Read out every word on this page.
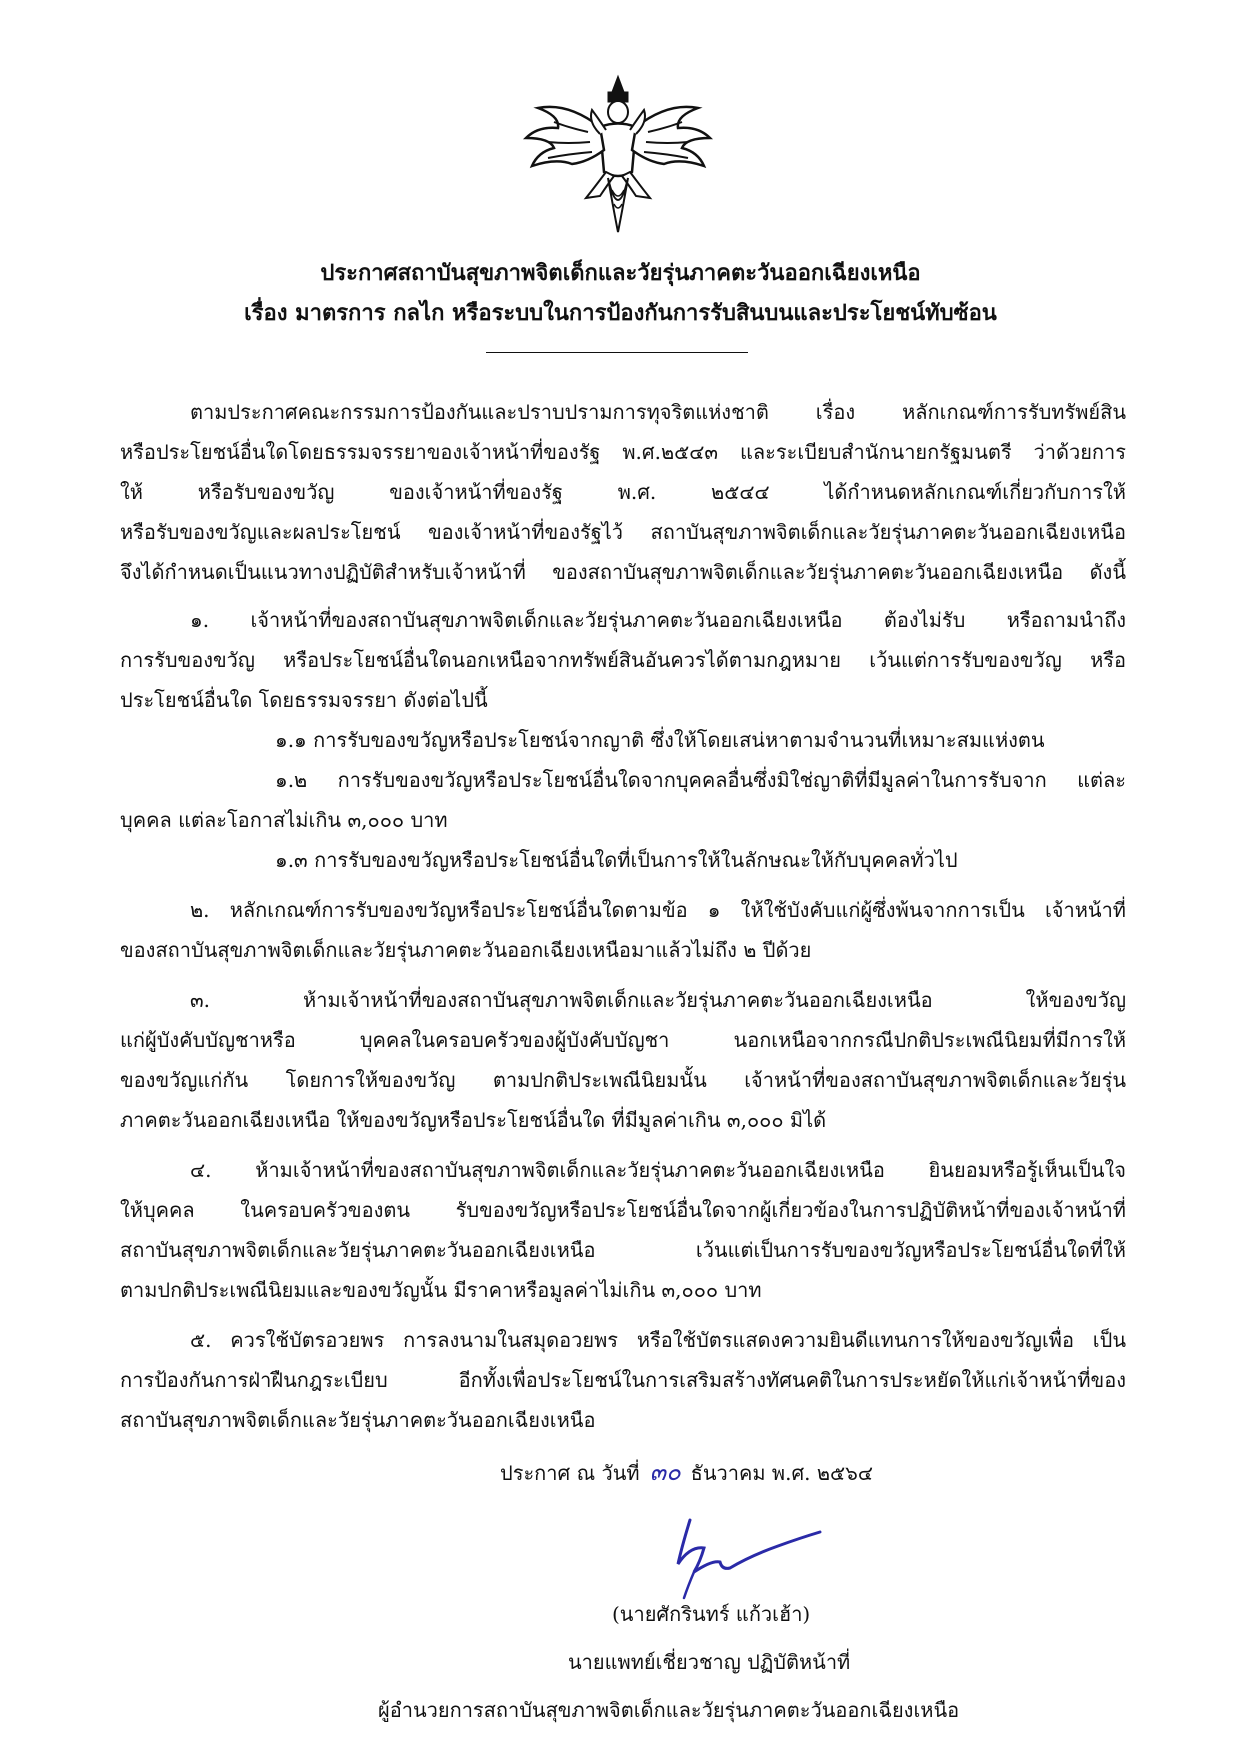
ประกาศสถาบันสุขภาพจิตเด็กและวัยรุ่นภาคตะวันออกเฉียงเหนือ
เรื่อง มาตรการ กลไก หรือระบบในการป้องกันการรับสินบนและประโยชน์ทับซ้อน
ตามประกาศคณะกรรมการป้องกันและปราบปรามการทุจริตแห่งชาติ เรื่อง หลักเกณฑ์การรับทรัพย์สิน
หรือประโยชน์อื่นใดโดยธรรมจรรยาของเจ้าหน้าที่ของรัฐ พ.ศ.๒๕๔๓ และระเบียบสำนักนายกรัฐมนตรี ว่าด้วยการ
ให้ หรือรับของขวัญ ของเจ้าหน้าที่ของรัฐ พ.ศ. ๒๕๔๔ ได้กำหนดหลักเกณฑ์เกี่ยวกับการให้
หรือรับของขวัญและผลประโยชน์ ของเจ้าหน้าที่ของรัฐไว้ สถาบันสุขภาพจิตเด็กและวัยรุ่นภาคตะวันออกเฉียงเหนือ
จึงได้กำหนดเป็นแนวทางปฏิบัติสำหรับเจ้าหน้าที่ ของสถาบันสุขภาพจิตเด็กและวัยรุ่นภาคตะวันออกเฉียงเหนือ ดังนี้
๑. เจ้าหน้าที่ของสถาบันสุขภาพจิตเด็กและวัยรุ่นภาคตะวันออกเฉียงเหนือ ต้องไม่รับ หรือถามนำถึง
การรับของขวัญ หรือประโยชน์อื่นใดนอกเหนือจากทรัพย์สินอันควรได้ตามกฎหมาย เว้นแต่การรับของขวัญ หรือ
ประโยชน์อื่นใด โดยธรรมจรรยา ดังต่อไปนี้
๑.๑ การรับของขวัญหรือประโยชน์จากญาติ ซึ่งให้โดยเสน่หาตามจำนวนที่เหมาะสมแห่งตน
๑.๒ การรับของขวัญหรือประโยชน์อื่นใดจากบุคคลอื่นซึ่งมิใช่ญาติที่มีมูลค่าในการรับจาก แต่ละ
บุคคล แต่ละโอกาสไม่เกิน ๓,๐๐๐ บาท
๑.๓ การรับของขวัญหรือประโยชน์อื่นใดที่เป็นการให้ในลักษณะให้กับบุคคลทั่วไป
๒. หลักเกณฑ์การรับของขวัญหรือประโยชน์อื่นใดตามข้อ ๑ ให้ใช้บังคับแก่ผู้ซึ่งพ้นจากการเป็น เจ้าหน้าที่
ของสถาบันสุขภาพจิตเด็กและวัยรุ่นภาคตะวันออกเฉียงเหนือมาแล้วไม่ถึง ๒ ปีด้วย
๓. ห้ามเจ้าหน้าที่ของสถาบันสุขภาพจิตเด็กและวัยรุ่นภาคตะวันออกเฉียงเหนือ ให้ของขวัญ
แก่ผู้บังคับบัญชาหรือ บุคคลในครอบครัวของผู้บังคับบัญชา นอกเหนือจากกรณีปกติประเพณีนิยมที่มีการให้
ของขวัญแก่กัน โดยการให้ของขวัญ ตามปกติประเพณีนิยมนั้น เจ้าหน้าที่ของสถาบันสุขภาพจิตเด็กและวัยรุ่น
ภาคตะวันออกเฉียงเหนือ ให้ของขวัญหรือประโยชน์อื่นใด ที่มีมูลค่าเกิน ๓,๐๐๐ มิได้
๔. ห้ามเจ้าหน้าที่ของสถาบันสุขภาพจิตเด็กและวัยรุ่นภาคตะวันออกเฉียงเหนือ ยินยอมหรือรู้เห็นเป็นใจ
ให้บุคคล ในครอบครัวของตน รับของขวัญหรือประโยชน์อื่นใดจากผู้เกี่ยวข้องในการปฏิบัติหน้าที่ของเจ้าหน้าที่
สถาบันสุขภาพจิตเด็กและวัยรุ่นภาคตะวันออกเฉียงเหนือ เว้นแต่เป็นการรับของขวัญหรือประโยชน์อื่นใดที่ให้
ตามปกติประเพณีนิยมและของขวัญนั้น มีราคาหรือมูลค่าไม่เกิน ๓,๐๐๐ บาท
๕. ควรใช้บัตรอวยพร การลงนามในสมุดอวยพร หรือใช้บัตรแสดงความยินดีแทนการให้ของขวัญเพื่อ เป็น
การป้องกันการฝ่าฝืนกฎระเบียบ อีกทั้งเพื่อประโยชน์ในการเสริมสร้างทัศนคติในการประหยัดให้แก่เจ้าหน้าที่ของ
สถาบันสุขภาพจิตเด็กและวัยรุ่นภาคตะวันออกเฉียงเหนือ
ประกาศ ณ วันที่ ๓๐ ธันวาคม พ.ศ. ๒๕๖๔
(นายศักรินทร์ แก้วเฮ้า)
นายแพทย์เชี่ยวชาญ ปฏิบัติหน้าที่
ผู้อำนวยการสถาบันสุขภาพจิตเด็กและวัยรุ่นภาคตะวันออกเฉียงเหนือ
